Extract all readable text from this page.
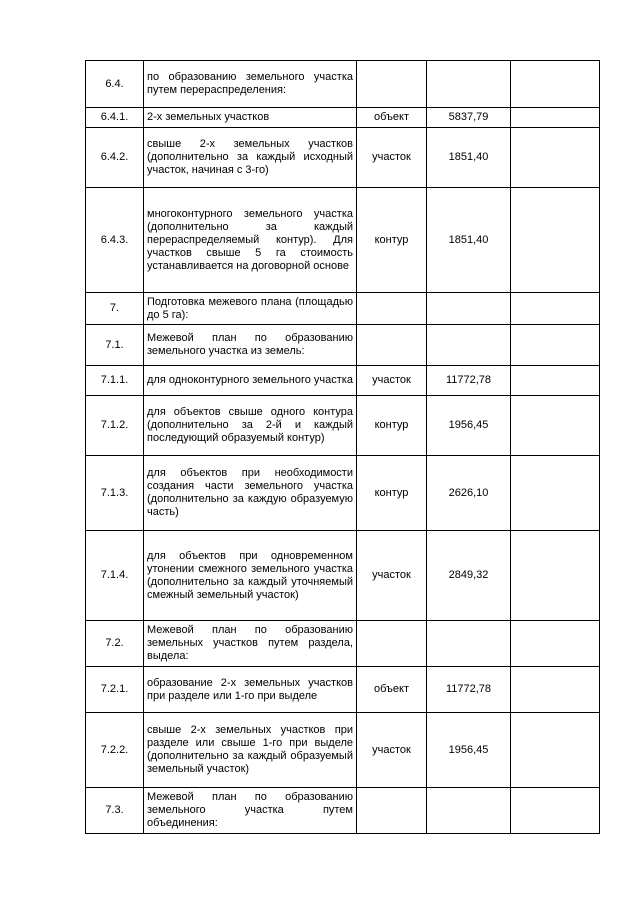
6.4.	по образованию земельного участка путем перераспределения:			
6.4.1.	2-х земельных участков	объект	5837,79	
6.4.2.	свыше 2-х земельных участков (дополнительно за каждый исходный участок, начиная с 3-го)	участок	1851,40	
6.4.3.	многоконтурного земельного участка (дополнительно за каждый перераспределяемый контур). Для участков свыше 5 га стоимость устанавливается на договорной основе	контур	1851,40	
7.	Подготовка межевого плана (площадью до 5 га):			
7.1.	Межевой план по образованию земельного участка из земель:			
7.1.1.	для одноконтурного земельного участка	участок	11772,78	
7.1.2.	для объектов свыше одного контура (дополнительно за 2-й и каждый последующий образуемый контур)	контур	1956,45	
7.1.3.	для объектов при необходимости создания части земельного участка (дополнительно за каждую образуемую часть)	контур	2626,10	
7.1.4.	для объектов при одновременном утонении смежного земельного участка (дополнительно за каждый уточняемый смежный земельный участок)	участок	2849,32	
7.2.	Межевой план по образованию земельных участков путем раздела, выдела:			
7.2.1.	образование 2-х земельных участков при разделе или 1-го при выделе	объект	11772,78	
7.2.2.	свыше 2-х земельных участков при разделе или свыше 1-го при выделе (дополнительно за каждый образуемый земельный участок)	участок	1956,45	
7.3.	Межевой план по образованию земельного участка путем объединения:			
